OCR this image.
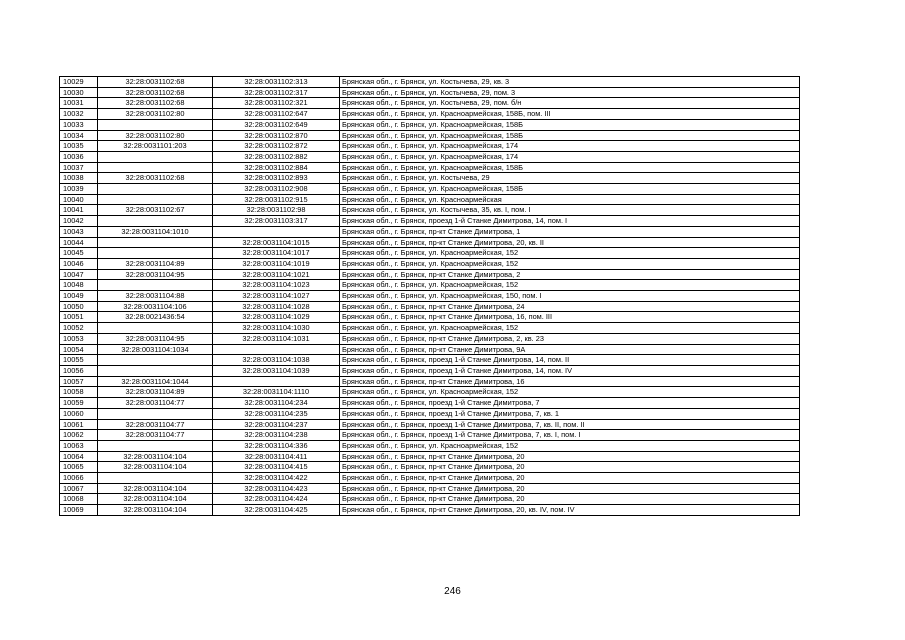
10029	32:28:0031102:68	32:28:0031102:313	Брянская обл., г. Брянск, ул. Костычева, 29, кв. 3
10030	32:28:0031102:68	32:28:0031102:317	Брянская обл., г. Брянск, ул. Костычева, 29, пом. 3
10031	32:28:0031102:68	32:28:0031102:321	Брянская обл., г. Брянск, ул. Костычева, 29, пом. б/н
10032	32:28:0031102:80	32:28:0031102:647	Брянская обл., г. Брянск, ул. Красноармейская, 158Б, пом. III
10033		32:28:0031102:649	Брянская обл., г. Брянск, ул. Красноармейская, 158Б
10034	32:28:0031102:80	32:28:0031102:870	Брянская обл., г. Брянск, ул. Красноармейская, 158Б
10035	32:28:0031101:203	32:28:0031102:872	Брянская обл., г. Брянск, ул. Красноармейская, 174
10036		32:28:0031102:882	Брянская обл., г. Брянск, ул. Красноармейская, 174
10037		32:28:0031102:884	Брянская обл., г. Брянск, ул. Красноармейская, 158Б
10038	32:28:0031102:68	32:28:0031102:893	Брянская обл., г. Брянск, ул. Костычева, 29
10039		32:28:0031102:908	Брянская обл., г. Брянск, ул. Красноармейская, 158Б
10040		32:28:0031102:915	Брянская обл., г. Брянск, ул. Красноармейская
10041	32:28:0031102:67	32:28:0031102:98	Брянская обл., г. Брянск, ул. Костычева, 35, кв. I, пом. I
10042		32:28:0031103:317	Брянская обл., г. Брянск, проезд 1-й Станке Димитрова, 14, пом. I
10043	32:28:0031104:1010		Брянская обл., г. Брянск, пр-кт Станке Димитрова, 1
10044		32:28:0031104:1015	Брянская обл., г. Брянск, пр-кт Станке Димитрова, 20, кв. II
10045		32:28:0031104:1017	Брянская обл., г. Брянск, ул. Красноармейская, 152
10046	32:28:0031104:89	32:28:0031104:1019	Брянская обл., г. Брянск, ул. Красноармейская, 152
10047	32:28:0031104:95	32:28:0031104:1021	Брянская обл., г. Брянск, пр-кт Станке Димитрова, 2
10048		32:28:0031104:1023	Брянская обл., г. Брянск, ул. Красноармейская, 152
10049	32:28:0031104:88	32:28:0031104:1027	Брянская обл., г. Брянск, ул. Красноармейская, 150, пом. I
10050	32:28:0031104:106	32:28:0031104:1028	Брянская обл., г. Брянск, пр-кт Станке Димитрова, 24
10051	32:28:0021436:54	32:28:0031104:1029	Брянская обл., г. Брянск, пр-кт Станке Димитрова, 16, пом. III
10052		32:28:0031104:1030	Брянская обл., г. Брянск, ул. Красноармейская, 152
10053	32:28:0031104:95	32:28:0031104:1031	Брянская обл., г. Брянск, пр-кт Станке Димитрова, 2, кв. 23
10054	32:28:0031104:1034		Брянская обл., г. Брянск, пр-кт Станке Димитрова, 9А
10055		32:28:0031104:1038	Брянская обл., г. Брянск, проезд 1-й Станке Димитрова, 14, пом. II
10056		32:28:0031104:1039	Брянская обл., г. Брянск, проезд 1-й Станке Димитрова, 14, пом. IV
10057	32:28:0031104:1044		Брянская обл., г. Брянск, пр-кт Станке Димитрова, 16
10058	32:28:0031104:89	32:28:0031104:1110	Брянская обл., г. Брянск, ул. Красноармейская, 152
10059	32:28:0031104:77	32:28:0031104:234	Брянская обл., г. Брянск, проезд 1-й Станке Димитрова, 7
10060		32:28:0031104:235	Брянская обл., г. Брянск, проезд 1-й Станке Димитрова, 7, кв. 1
10061	32:28:0031104:77	32:28:0031104:237	Брянская обл., г. Брянск, проезд 1-й Станке Димитрова, 7, кв. II, пом. II
10062	32:28:0031104:77	32:28:0031104:238	Брянская обл., г. Брянск, проезд 1-й Станке Димитрова, 7, кв. I, пом. I
10063		32:28:0031104:336	Брянская обл., г. Брянск, ул. Красноармейская, 152
10064	32:28:0031104:104	32:28:0031104:411	Брянская обл., г. Брянск, пр-кт Станке Димитрова, 20
10065	32:28:0031104:104	32:28:0031104:415	Брянская обл., г. Брянск, пр-кт Станке Димитрова, 20
10066		32:28:0031104:422	Брянская обл., г. Брянск, пр-кт Станке Димитрова, 20
10067	32:28:0031104:104	32:28:0031104:423	Брянская обл., г. Брянск, пр-кт Станке Димитрова, 20
10068	32:28:0031104:104	32:28:0031104:424	Брянская обл., г. Брянск, пр-кт Станке Димитрова, 20
10069	32:28:0031104:104	32:28:0031104:425	Брянская обл., г. Брянск, пр-кт Станке Димитрова, 20, кв. IV, пом. IV
246
